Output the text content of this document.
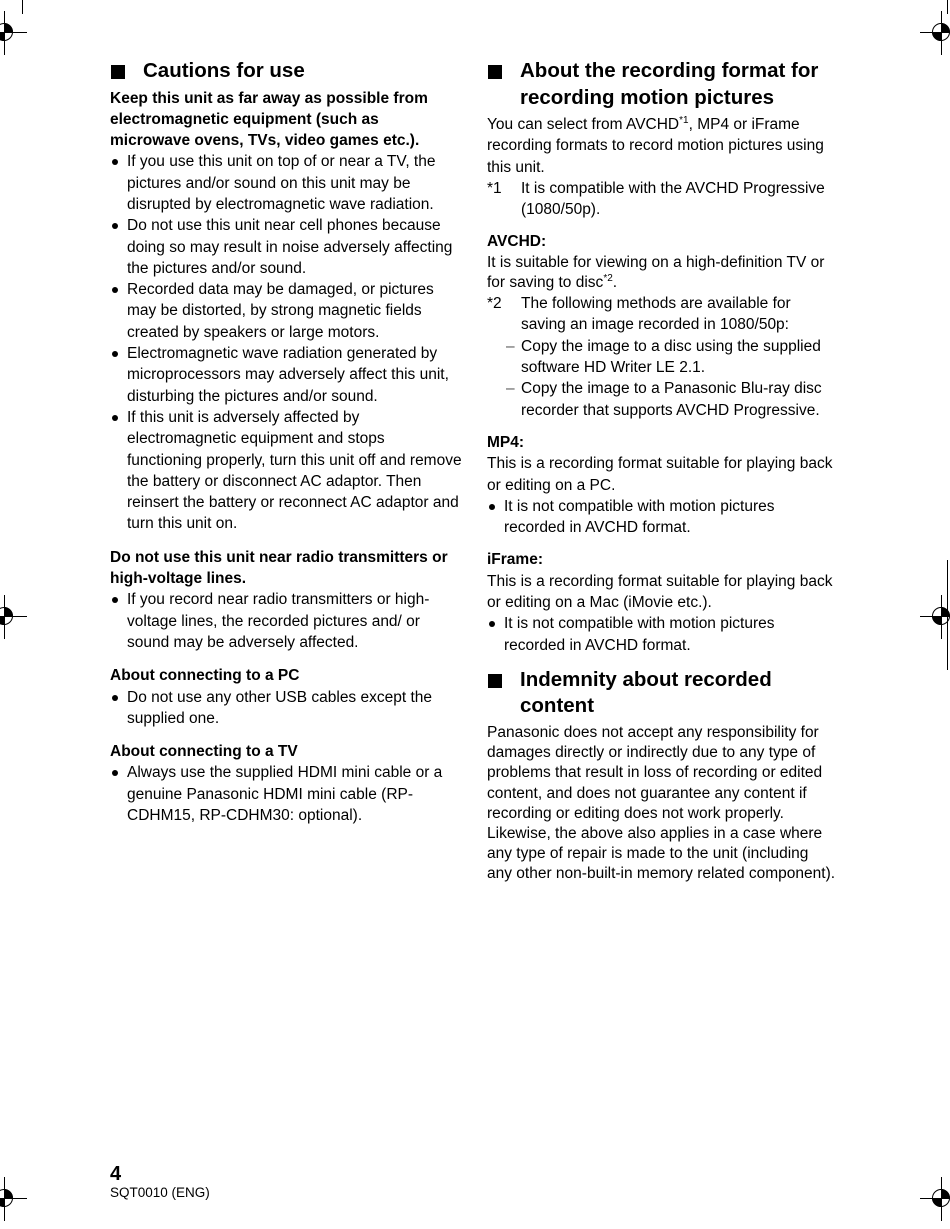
Cautions for use

Keep this unit as far away as possible from electromagnetic equipment (such as microwave ovens, TVs, video games etc.).

If you use this unit on top of or near a TV, the pictures and/or sound on this unit may be disrupted by electromagnetic wave radiation.
Do not use this unit near cell phones because doing so may result in noise adversely affecting the pictures and/or sound.
Recorded data may be damaged, or pictures may be distorted, by strong magnetic fields created by speakers or large motors.
Electromagnetic wave radiation generated by microprocessors may adversely affect this unit, disturbing the pictures and/or sound.
If this unit is adversely affected by electromagnetic equipment and stops functioning properly, turn this unit off and remove the battery or disconnect AC adaptor. Then reinsert the battery or reconnect AC adaptor and turn this unit on.

Do not use this unit near radio transmitters or high-voltage lines.

If you record near radio transmitters or high-voltage lines, the recorded pictures and/ or sound may be adversely affected.

About connecting to a PC

Do not use any other USB cables except the supplied one.

About connecting to a TV

Always use the supplied HDMI mini cable or a genuine Panasonic HDMI mini cable (RP-CDHM15, RP-CDHM30: optional).
About the recording format for recording motion pictures

You can select from AVCHD$^{*1}$, MP4 or iFrame recording formats to record motion pictures using this unit.

*1 It is compatible with the AVCHD Progressive (1080/50p).

AVCHD:

It is suitable for viewing on a high-definition TV or for saving to disc$^{*2}$.

*2 The following methods are available for saving an image recorded in 1080/50p:
– Copy the image to a disc using the supplied software HD Writer LE 2.1.
– Copy the image to a Panasonic Blu-ray disc recorder that supports AVCHD Progressive.

MP4:

This is a recording format suitable for playing back or editing on a PC.

It is not compatible with motion pictures recorded in AVCHD format.

iFrame:

This is a recording format suitable for playing back or editing on a Mac (iMovie etc.).

It is not compatible with motion pictures recorded in AVCHD format.
Indemnity about recorded content

Panasonic does not accept any responsibility for damages directly or indirectly due to any type of problems that result in loss of recording or edited content, and does not guarantee any content if recording or editing does not work properly. Likewise, the above also applies in a case where any type of repair is made to the unit (including any other non-built-in memory related component).

4
SQT0010 (ENG)
